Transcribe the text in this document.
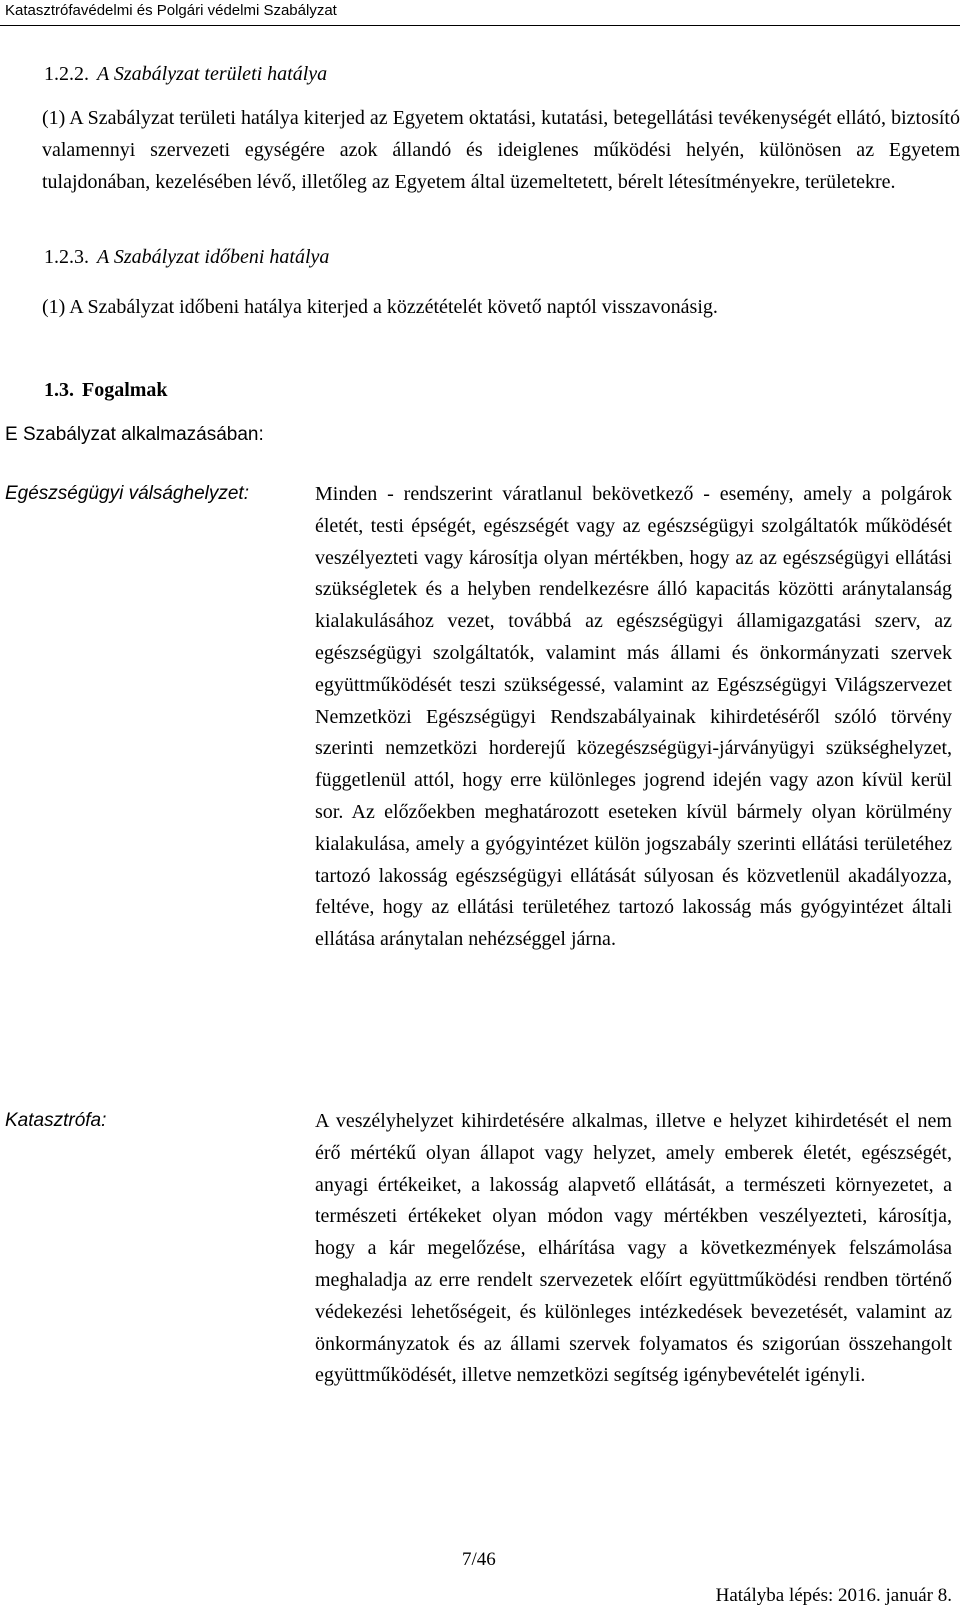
Katasztrófavédelmi és Polgári védelmi Szabályzat
1.2.2. A Szabályzat területi hatálya
(1) A Szabályzat területi hatálya kiterjed az Egyetem oktatási, kutatási, betegellátási tevékenységét ellátó, biztosító valamennyi szervezeti egységére azok állandó és ideiglenes működési helyén, különösen az Egyetem tulajdonában, kezelésében lévő, illetőleg az Egyetem által üzemeltetett, bérelt létesítményekre, területekre.
1.2.3. A Szabályzat időbeni hatálya
(1) A Szabályzat időbeni hatálya kiterjed a közzétételét követő naptól visszavonásig.
1.3. Fogalmak
E Szabályzat alkalmazásában:
Egészségügyi válsághelyzet:	Minden - rendszerint váratlanul bekövetkező - esemény, amely a polgárok életét, testi épségét, egészségét vagy az egészségügyi szolgáltatók működését veszélyezteti vagy károsítja olyan mértékben, hogy az az egészségügyi ellátási szükségletek és a helyben rendelkezésre álló kapacitás közötti aránytalanság kialakulásához vezet, továbbá az egészségügyi államigazgatási szerv, az egészségügyi szolgáltatók, valamint más állami és önkormányzati szervek együttműködését teszi szükségessé, valamint az Egészségügyi Világszervezet Nemzetközi Egészségügyi Rendszabályainak kihirdetéséről szóló törvény szerinti nemzetközi horderejű közegészségügyi-járványügyi szükséghelyzet, függetlenül attól, hogy erre különleges jogrend idején vagy azon kívül kerül sor. Az előzőekben meghatározott eseteken kívül bármely olyan körülmény kialakulása, amely a gyógyintézet külön jogszabály szerinti ellátási területéhez tartozó lakosság egészségügyi ellátását súlyosan és közvetlenül akadályozza, feltéve, hogy az ellátási területéhez tartozó lakosság más gyógyintézet általi ellátása aránytalan nehézséggel járna.
Katasztrófa:	A veszélyhelyzet kihirdetésére alkalmas, illetve e helyzet kihirdetését el nem érő mértékű olyan állapot vagy helyzet, amely emberek életét, egészségét, anyagi értékeiket, a lakosság alapvető ellátását, a természeti környezetet, a természeti értékeket olyan módon vagy mértékben veszélyezteti, károsítja, hogy a kár megelőzése, elhárítása vagy a következmények felszámolása meghaladja az erre rendelt szervezetek előírt együttműködési rendben történő védekezési lehetőségeit, és különleges intézkedések bevezetését, valamint az önkormányzatok és az állami szervek folyamatos és szigorúan összehangolt együttműködését, illetve nemzetközi segítség igénybevételét igényli.
7/46
Hatályba lépés: 2016. január 8.
